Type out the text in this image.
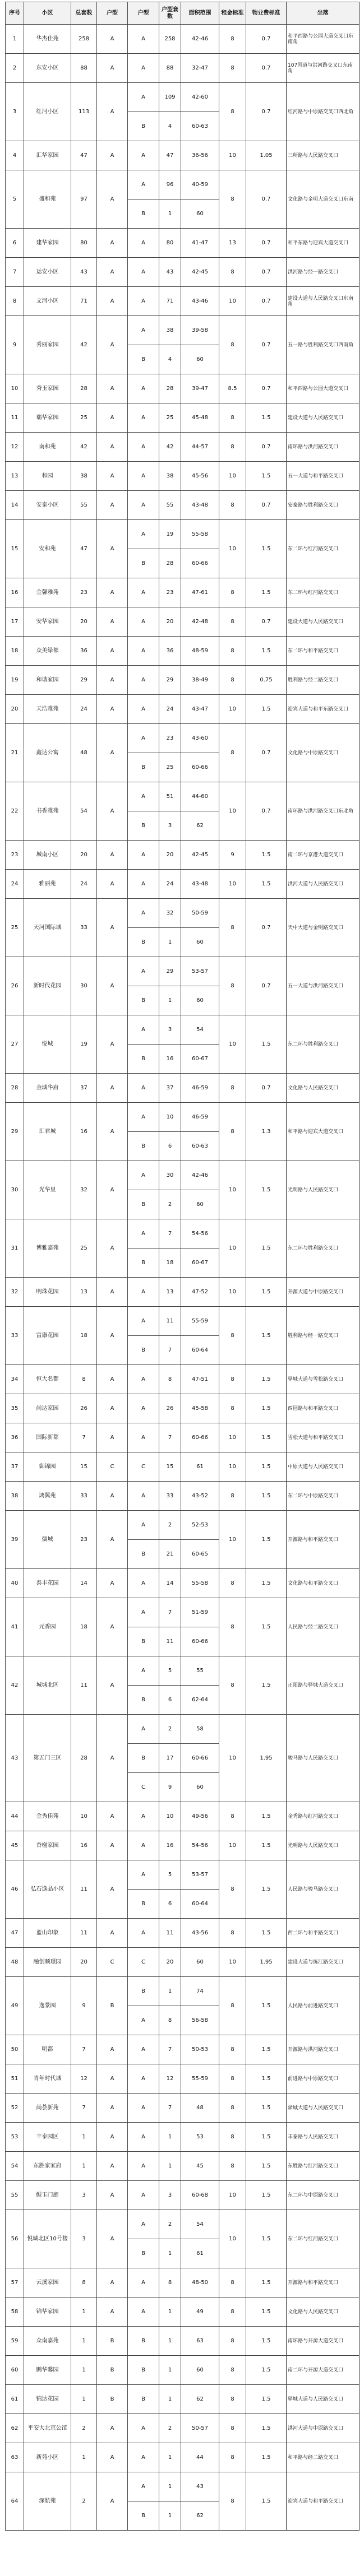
序号	小区	总套数	户型	户型	户型套数	面积范围	租金标准	物业费标准	坐落
1	华杰佳苑	258	A	A	258	42-46	8	0.7	和平西路与公园大道交叉口东南角
2	东安小区	88	A	A	88	32-47	8	0.7	107国道与洪河路交叉口东南角
3	红河小区	113	A	A	109	42-60	8	0.7	红河路与中原路交叉口西北角
				B	4	60-63			
4	汇华家园	47	A	A	47	36-56	10	1.05	三所路与人民路交叉口
5	盛和苑	97	A	A	96	40-59	8	0.7	文化路与金明大道交叉口东南
				B	1	60			
6	建华家园	80	A	A	80	41-47	13	0.7	和平东路与迎宾大道交叉口
7	运安小区	43	A	A	43	42-45	8	0.7	洪河路与经一路交叉口
8	文河小区	71	A	A	71	43-46	10	0.7	建设大道与人民路交叉口东南角
9	秀丽家园	42	A	A	38	39-58	8	0.7	五一路与胜利路交叉口西南角
				B	4	60			
10	秀玉家园	28	A	A	28	39-47	8.5	0.7	和平西路与公园大道交叉口
11	瑞华家园	25	A	A	25	45-48	8	1.5	建设大道与人民路交叉口
12	南和苑	42	A	A	42	44-57	8	0.7	南环路与洪河路交叉口
13	和园	38	A	A	38	45-56	10	1.5	五一大道与和平路交叉口
14	安泰小区	55	A	A	55	43-48	8	0.7	安泰路与胜利路交叉口
15	安和苑	47	A	A	19	55-58	10	1.5	东二环与红河路交叉口
				B	28	60-66			
16	金馨雅苑	23	A	A	23	47-61	8	1.5	东二环与红河路交叉口
17	安华家园	20	A	A	20	42-48	8	0.7	建设大道与人民路交叉口
18	众美绿都	36	A	A	36	48-59	8	1.5	东二环与和平路交叉口
19	和谐家园	29	A	A	29	38-49	8	0.75	胜利路与经二路交叉口
20	天浩雅苑	24	A	A	24	43-47	10	1.5	迎宾大道与和平东路交叉口
21	鑫达公寓	48	A	A	23	43-60	8	0.7	文化路与中原路交叉口
				B	25	60-66			
22	书香雅苑	54	A	A	51	44-60	10	0.7	南环路与洪河路交叉口东北角
				B	3	62			
23	城南小区	20	A	A	20	42-45	9	1.5	南二环与京港大道交叉口
24	雅丽苑	24	A	A	24	43-48	10	1.5	洪河大道与人民路交叉口
25	天河国际城	33	A	A	32	50-59	8	0.7	天中大道与金明路交叉口
				B	1	60			
26	新时代花园	30	A	A	29	53-57	8	0.7	五一大道与洪河路交叉口
				B	1	60			
27	悦城	19	A	A	3	54	10	1.5	东二环与胜利路交叉口
				B	16	60-67			
28	金城华府	37	A	A	37	46-59	8	0.7	文化路与人民路交叉口
29	汇君城	16	A	A	10	46-59	8	1.3	和平路与迎宾大道交叉口
				B	6	60-63			
30	光华里	32	A	A	30	42-46	10	1.5	光明路与人民路交叉口
				B	2	60			
31	博雅嘉苑	25	A	A	7	54-56	10	1.5	东二环与胜利路交叉口
				B	18	60-67			
32	明珠花园	13	A	A	13	47-52	10	1.5	开源大道与中原路交叉口
33	富康花园	18	A	A	11	55-59	8	1.5	胜利路与经一路交叉口
				B	7	60-64			
34	恒大名都	8	A	A	8	47-51	8	1.5	驿城大道与雪松路交叉口
35	尚达家园	26	A	A	26	45-58	8	1.5	西园路与和平路交叉口
36	国际新都	7	A	A	7	60-66	10	1.5	雪松大道与和平路交叉口
37	御锦园	15	C	C	15	61	10	1.5	中原大道与人民路交叉口
38	鸿翼苑	33	A	A	33	43-52	8	1.5	东二环与中原路交叉口
39	儒城	23	A	A	2	52-53	10	1.5	开源路与和平路交叉口
				B	21	60-65			
40	泰丰花园	14	A	A	14	55-58	8	1.5	文化路与和平路交叉口
41	元香园	18	A	A	7	51-59	8	1.5	人民路与经二路交叉口
				B	11	60-66			
42	城城北区	11	A	A	5	55	8	1.5	正阳路与驿城大道交叉口
				B	6	62-64			
43	第五门三区	28	A	A	2	58	10	1.95	骏马路与人民路交叉口
				B	17	60-66			
				C	9	60			
44	金秀佳苑	10	A	A	10	49-56	8	1.5	金秀路与红河路交叉口
45	香榭家园	16	A	A	16	54-56	10	1.5	光明路与人民路交叉口
46	弘石逸品小区	11	A	A	5	53-57	8	1.5	人民路与骏马路交叉口
				B	6	60-64			
47	蓝山印象	11	A	A	11	43-56	8	1.5	西二环与和平路交叉口
48	融创顺璟园	20	C	C	20	60	10	1.95	建设大道与练江路交叉口
49	逸景园	9	B	B	1	74	8	1.5	人民路与前进路交叉口
				A	8	56-58			
50	明都	7	A	A	7	50-53	8	1.5	开源路与洪河路交叉口
51	青年时代城	12	A	A	12	55-59	8	1.5	前进路与中原路交叉口
52	尚荟新苑	7	A	A	7	48	8	1.5	驿城大道与人民路交叉口
53	丰泰园区	1	A	A	1	53	8	1.5	丰泰路与人民路交叉口
54	东胜家家府	1	A	A	1	45	8	1.5	东胜路与红河路交叉口
55	鲲玉门庭	3	A	A	3	60-68	10	1.5	东二环与中原路交叉口
56	悦城北区10号楼	3	A	A	2	54	10	1.5	东二环与红河路交叉口
				B	1	61			
57	云溪家园	8	A	A	8	48-50	8	1.5	开源路与和平路交叉口
58	锦华家园	1	A	A	1	49	8	1.5	文化路与人民路交叉口
59	众南嘉苑	1	B	B	1	63	8	1.5	南环路与开源大道交叉口
60	鹏华馨园	1	B	B	1	60	8	1.5	南二环与开源大道交叉口
61	锦达花园	1	B	B	1	62	8	1.5	驿城大道与人民路交叉口
62	平安大北京公馆	2	A	A	2	50-57	8	1.5	洪河大道与中原路交叉口
63	新苑小区	1	A	A	1	44	8	1.5	和平路与经二路交叉口
64	深航苑	2	A	A	1	43	8	1.5	迎宾大道与和平路交叉口
				B	1	62			
